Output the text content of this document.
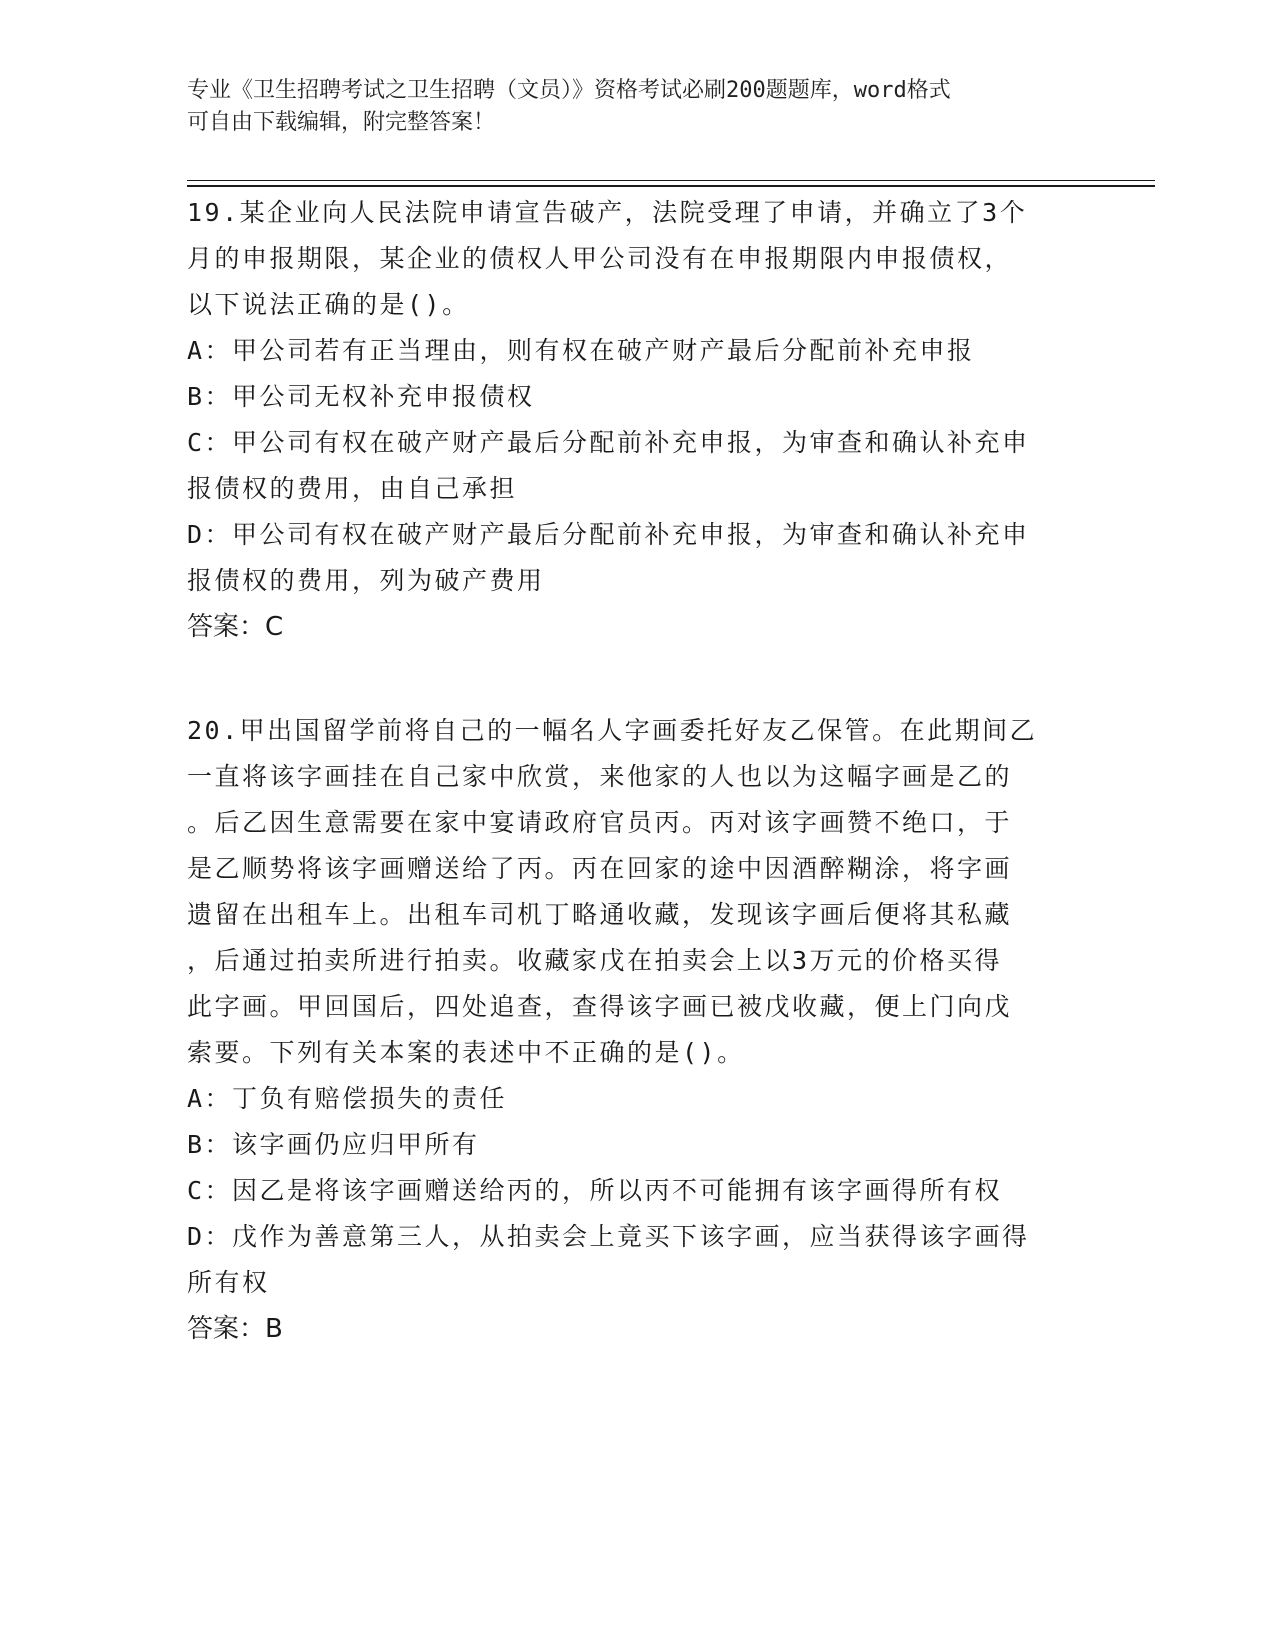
专业《卫生招聘考试之卫生招聘（文员）》资格考试必刷200题题库，word格式
可自由下载编辑，附完整答案！
19.某企业向人民法院申请宣告破产，法院受理了申请，并确立了3个
月的申报期限，某企业的债权人甲公司没有在申报期限内申报债权，
以下说法正确的是()。
A：甲公司若有正当理由，则有权在破产财产最后分配前补充申报
B：甲公司无权补充申报债权
C：甲公司有权在破产财产最后分配前补充申报，为审查和确认补充申
报债权的费用，由自己承担
D：甲公司有权在破产财产最后分配前补充申报，为审查和确认补充申
报债权的费用，列为破产费用
答案：C
20.甲出国留学前将自己的一幅名人字画委托好友乙保管。在此期间乙
一直将该字画挂在自己家中欣赏，来他家的人也以为这幅字画是乙的
。后乙因生意需要在家中宴请政府官员丙。丙对该字画赞不绝口，于
是乙顺势将该字画赠送给了丙。丙在回家的途中因酒醉糊涂，将字画
遗留在出租车上。出租车司机丁略通收藏，发现该字画后便将其私藏
，后通过拍卖所进行拍卖。收藏家戊在拍卖会上以3万元的价格买得
此字画。甲回国后，四处追查，查得该字画已被戊收藏，便上门向戊
索要。下列有关本案的表述中不正确的是()。
A：丁负有赔偿损失的责任
B：该字画仍应归甲所有
C：因乙是将该字画赠送给丙的，所以丙不可能拥有该字画得所有权
D：戊作为善意第三人，从拍卖会上竟买下该字画，应当获得该字画得
所有权
答案：B
